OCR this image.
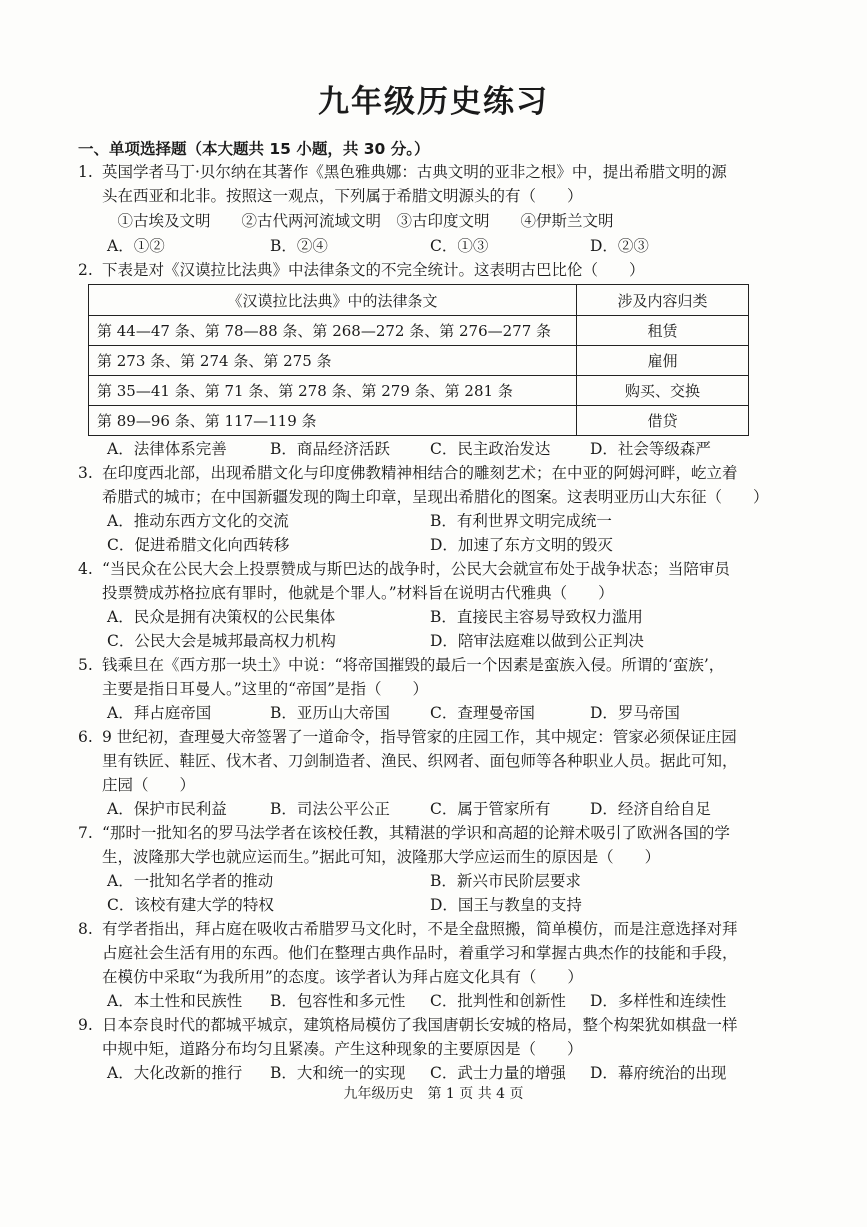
九年级历史练习
一、单项选择题（本大题共 15 小题，共 30 分。）
1. 英国学者马丁·贝尔纳在其著作《黑色雅典娜：古典文明的亚非之根》中，提出希腊文明的源
头在西亚和北非。按照这一观点，下列属于希腊文明源头的有（　　）
　①古埃及文明　　②古代两河流域文明　③古印度文明　　④伊斯兰文明
A．①②	B．②④	C．①③	D．②③
2. 下表是对《汉谟拉比法典》中法律条文的不完全统计。这表明古巴比伦（　　）
《汉谟拉比法典》中的法律条文	涉及内容归类
第 44—47 条、第 78—88 条、第 268—272 条、第 276—277 条	租赁
第 273 条、第 274 条、第 275 条	雇佣
第 35—41 条、第 71 条、第 278 条、第 279 条、第 281 条	购买、交换
第 89—96 条、第 117—119 条	借贷
A．法律体系完善	B．商品经济活跃	C．民主政治发达	D．社会等级森严
3. 在印度西北部，出现希腊文化与印度佛教精神相结合的雕刻艺术；在中亚的阿姆河畔，屹立着
希腊式的城市；在中国新疆发现的陶土印章，呈现出希腊化的图案。这表明亚历山大东征（　　）
A．推动东西方文化的交流	B．有利世界文明完成统一
C．促进希腊文化向西转移	D．加速了东方文明的毁灭
4. “当民众在公民大会上投票赞成与斯巴达的战争时，公民大会就宣布处于战争状态；当陪审员
投票赞成苏格拉底有罪时，他就是个罪人。”材料旨在说明古代雅典（　　）
A．民众是拥有决策权的公民集体	B．直接民主容易导致权力滥用
C．公民大会是城邦最高权力机构	D．陪审法庭难以做到公正判决
5. 钱乘旦在《西方那一块土》中说：“将帝国摧毁的最后一个因素是蛮族入侵。所谓的‘蛮族’，
主要是指日耳曼人。”这里的“帝国”是指（　　）
A．拜占庭帝国	B．亚历山大帝国	C．查理曼帝国	D．罗马帝国
6. 9 世纪初，查理曼大帝签署了一道命令，指导管家的庄园工作，其中规定：管家必须保证庄园
里有铁匠、鞋匠、伐木者、刀剑制造者、渔民、织网者、面包师等各种职业人员。据此可知，
庄园（　　）
A．保护市民利益	B．司法公平公正	C．属于管家所有	D．经济自给自足
7. “那时一批知名的罗马法学者在该校任教，其精湛的学识和高超的论辩术吸引了欧洲各国的学
生，波隆那大学也就应运而生。”据此可知，波隆那大学应运而生的原因是（　　）
A．一批知名学者的推动	B．新兴市民阶层要求
C．该校有建大学的特权	D．国王与教皇的支持
8. 有学者指出，拜占庭在吸收古希腊罗马文化时，不是全盘照搬，简单模仿，而是注意选择对拜
占庭社会生活有用的东西。他们在整理古典作品时，着重学习和掌握古典杰作的技能和手段，
在模仿中采取“为我所用”的态度。该学者认为拜占庭文化具有（　　）
A．本土性和民族性 B．包容性和多元性 C．批判性和创新性 D．多样性和连续性
9. 日本奈良时代的都城平城京，建筑格局模仿了我国唐朝长安城的格局，整个构架犹如棋盘一样
中规中矩，道路分布均匀且紧凑。产生这种现象的主要原因是（　　）
A．大化改新的推行 B．大和统一的实现 C．武士力量的增强 D．幕府统治的出现
九年级历史　第 1 页 共 4 页
